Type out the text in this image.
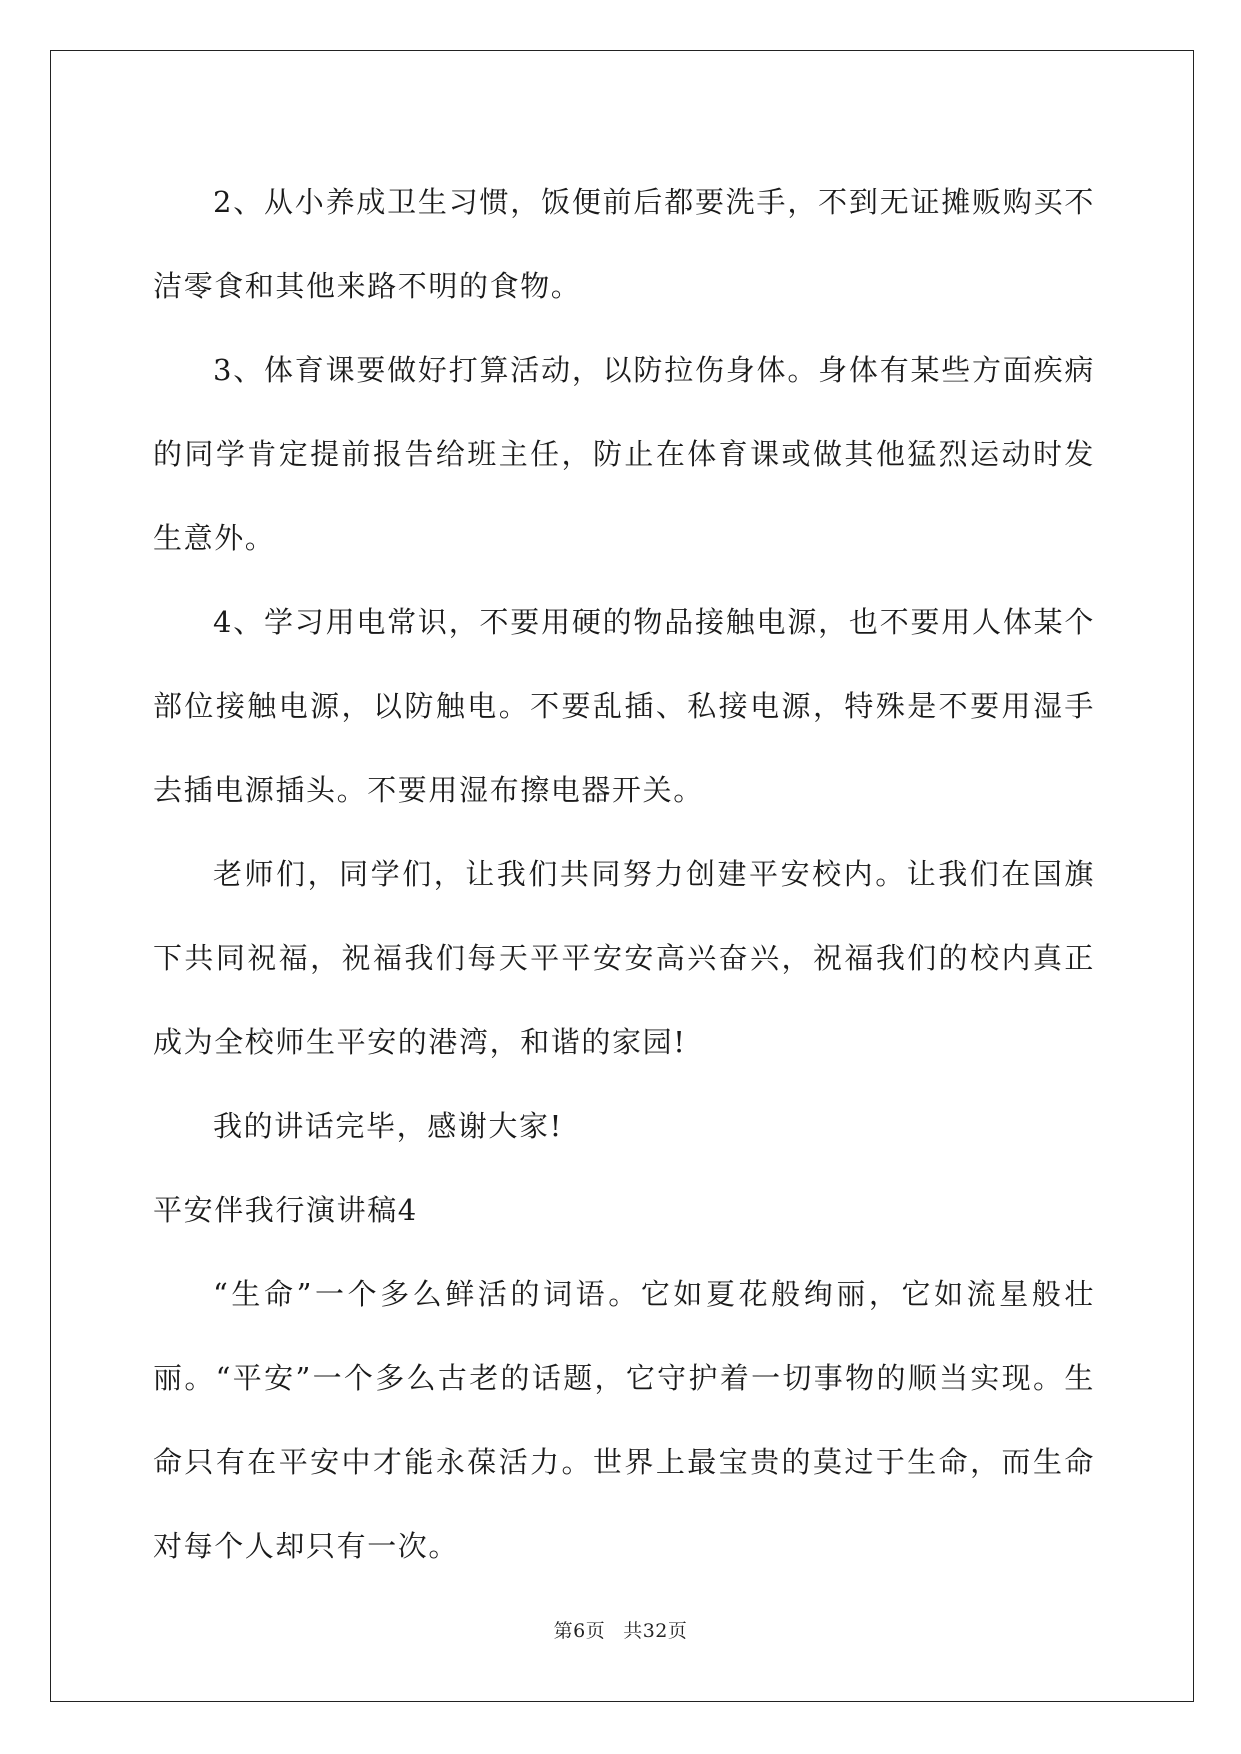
2、从小养成卫生习惯，饭便前后都要洗手，不到无证摊贩购买不洁零食和其他来路不明的食物。

3、体育课要做好打算活动，以防拉伤身体。身体有某些方面疾病的同学肯定提前报告给班主任，防止在体育课或做其他猛烈运动时发生意外。

4、学习用电常识，不要用硬的物品接触电源，也不要用人体某个部位接触电源，以防触电。不要乱插、私接电源，特殊是不要用湿手去插电源插头。不要用湿布擦电器开关。

老师们，同学们，让我们共同努力创建平安校内。让我们在国旗下共同祝福，祝福我们每天平平安安高兴奋兴，祝福我们的校内真正成为全校师生平安的港湾，和谐的家园!

我的讲话完毕，感谢大家!

平安伴我行演讲稿4

“生命”一个多么鲜活的词语。它如夏花般绚丽，它如流星般壮丽。“平安”一个多么古老的话题，它守护着一切事物的顺当实现。生命只有在平安中才能永葆活力。世界上最宝贵的莫过于生命，而生命对每个人却只有一次。

第6页 共32页
